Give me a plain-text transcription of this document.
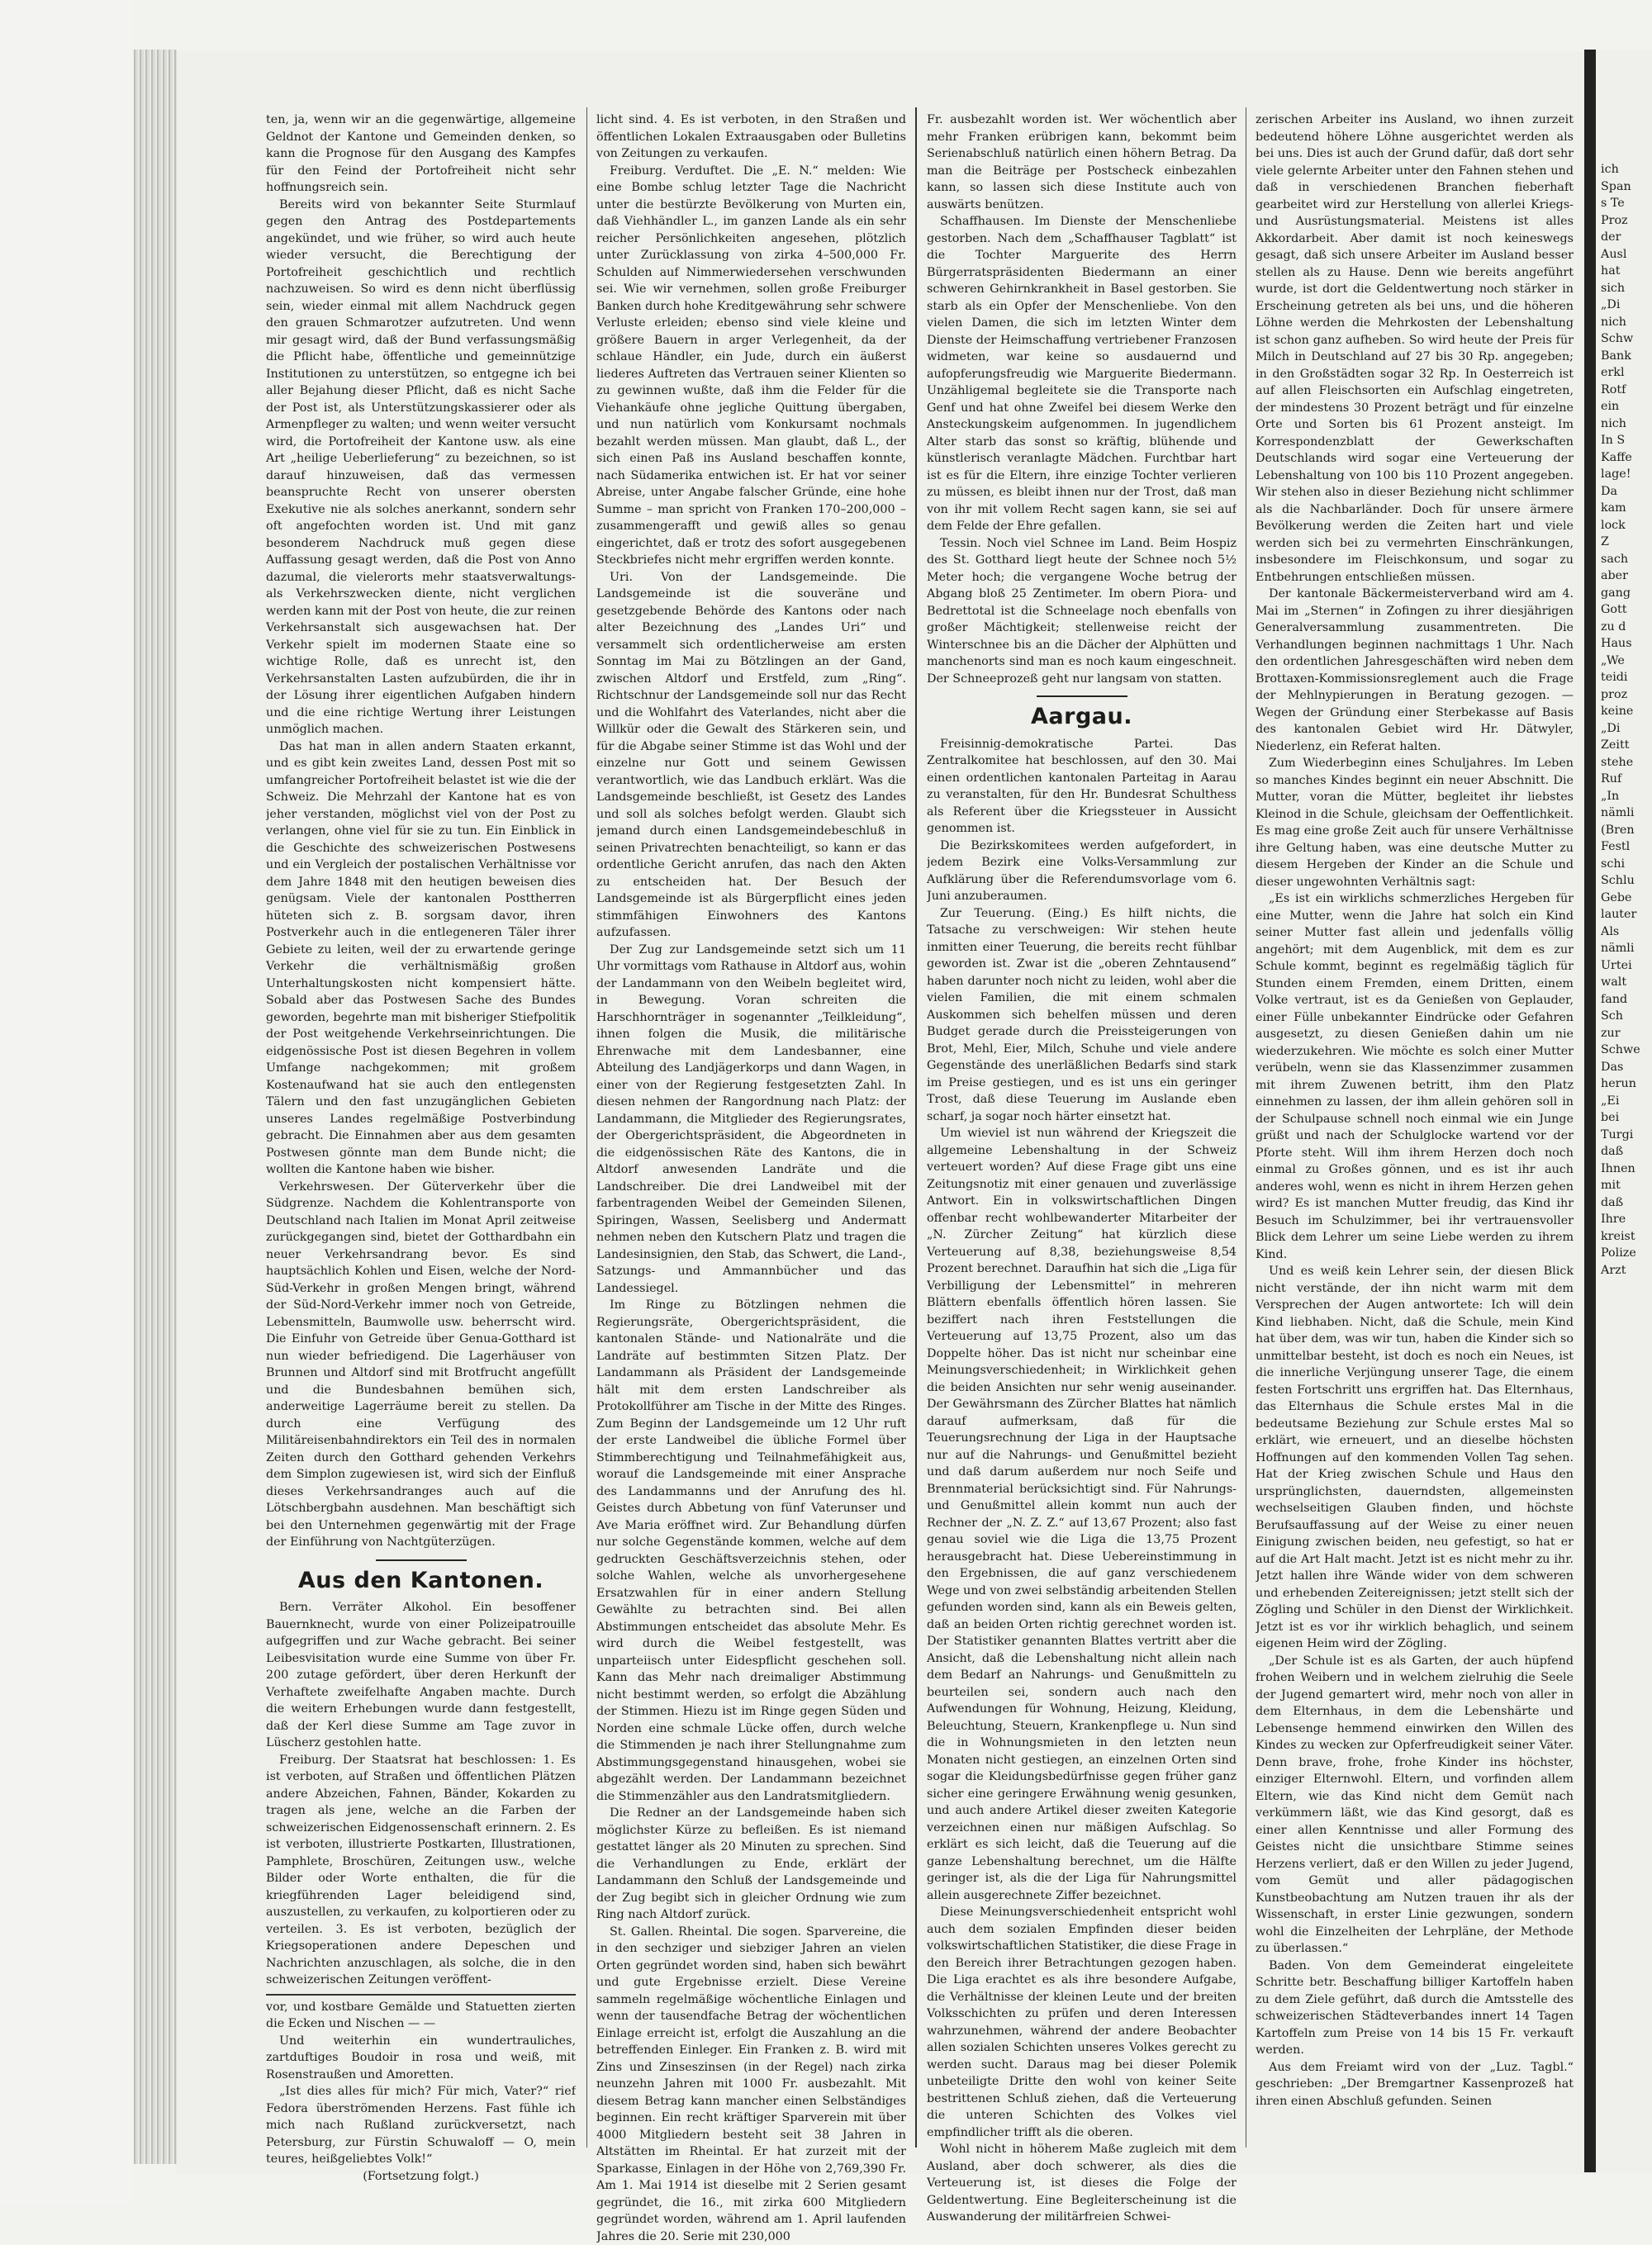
ten, ja, wenn wir an die gegenwärtige, allgemeine Geldnot der Kantone und Gemeinden denken, so kann die Prognose für den Ausgang des Kampfes für den Feind der Portofreiheit nicht sehr hoffnungsreich sein.

Bereits wird von bekannter Seite Sturmlauf gegen den Antrag des Postdepartements angekündet, und wie früher, so wird auch heute wieder versucht, die Berechtigung der Portofreiheit geschichtlich und rechtlich nachzuweisen. So wird es denn nicht überflüssig sein, wieder einmal mit allem Nachdruck gegen den grauen Schmarotzer aufzutreten. Und wenn mir gesagt wird, daß der Bund verfassungsmäßig die Pflicht habe, öffentliche und gemeinnützige Institutionen zu unterstützen, so entgegne ich bei aller Bejahung dieser Pflicht, daß es nicht Sache der Post ist, als Unterstützungskassierer oder als Armenpfleger zu walten; und wenn weiter versucht wird, die Portofreiheit der Kantone usw. als eine Art „heilige Ueberlieferung“ zu bezeichnen, so ist darauf hinzuweisen, daß das vermessen beanspruchte Recht von unserer obersten Exekutive nie als solches anerkannt, sondern sehr oft angefochten worden ist. Und mit ganz besonderem Nachdruck muß gegen diese Auffassung gesagt werden, daß die Post von Anno dazumal, die vielerorts mehr staatsverwaltungs- als Verkehrszwecken diente, nicht verglichen werden kann mit der Post von heute, die zur reinen Verkehrsanstalt sich ausgewachsen hat. Der Verkehr spielt im modernen Staate eine so wichtige Rolle, daß es unrecht ist, den Verkehrsanstalten Lasten aufzubürden, die ihr in der Lösung ihrer eigentlichen Aufgaben hindern und die eine richtige Wertung ihrer Leistungen unmöglich machen.

Das hat man in allen andern Staaten erkannt, und es gibt kein zweites Land, dessen Post mit so umfangreicher Portofreiheit belastet ist wie die der Schweiz. Die Mehrzahl der Kantone hat es von jeher verstanden, möglichst viel von der Post zu verlangen, ohne viel für sie zu tun. Ein Einblick in die Geschichte des schweizerischen Postwesens und ein Vergleich der postalischen Verhältnisse vor dem Jahre 1848 mit den heutigen beweisen dies genügsam. Viele der kantonalen Posttherren hüteten sich z. B. sorgsam davor, ihren Postverkehr auch in die entlegeneren Täler ihrer Gebiete zu leiten, weil der zu erwartende geringe Verkehr die verhältnismäßig großen Unterhaltungskosten nicht kompensiert hätte. Sobald aber das Postwesen Sache des Bundes geworden, begehrte man mit bisheriger Stiefpolitik der Post weitgehende Verkehrseinrichtungen. Die eidgenössische Post ist diesen Begehren in vollem Umfange nachgekommen; mit großem Kostenaufwand hat sie auch den entlegensten Tälern und den fast unzugänglichen Gebieten unseres Landes regelmäßige Postverbindung gebracht. Die Einnahmen aber aus dem gesamten Postwesen gönnte man dem Bunde nicht; die wollten die Kantone haben wie bisher.

Verkehrswesen. Der Güterverkehr über die Südgrenze. Nachdem die Kohlentransporte von Deutschland nach Italien im Monat April zeitweise zurückgegangen sind, bietet der Gotthardbahn ein neuer Verkehrsandrang bevor. Es sind hauptsächlich Kohlen und Eisen, welche der Nord-Süd-Verkehr in großen Mengen bringt, während der Süd-Nord-Verkehr immer noch von Getreide, Lebensmitteln, Baumwolle usw. beherrscht wird. Die Einfuhr von Getreide über Genua-Gotthard ist nun wieder befriedigend. Die Lagerhäuser von Brunnen und Altdorf sind mit Brotfrucht angefüllt und die Bundesbahnen bemühen sich, anderweitige Lagerräume bereit zu stellen. Da durch eine Verfügung des Militäreisenbahndirektors ein Teil des in normalen Zeiten durch den Gotthard gehenden Verkehrs dem Simplon zugewiesen ist, wird sich der Einfluß dieses Verkehrsandranges auch auf die Lötschbergbahn ausdehnen. Man beschäftigt sich bei den Unternehmen gegenwärtig mit der Frage der Einführung von Nachtgüterzügen.

Aus den Kantonen.

Bern. Verräter Alkohol. Ein besoffener Bauernknecht, wurde von einer Polizeipatrouille aufgegriffen und zur Wache gebracht. Bei seiner Leibesvisitation wurde eine Summe von über Fr. 200 zutage gefördert, über deren Herkunft der Verhaftete zweifelhafte Angaben machte. Durch die weitern Erhebungen wurde dann festgestellt, daß der Kerl diese Summe am Tage zuvor in Lüscherz gestohlen hatte.

Freiburg. Der Staatsrat hat beschlossen: 1. Es ist verboten, auf Straßen und öffentlichen Plätzen andere Abzeichen, Fahnen, Bänder, Kokarden zu tragen als jene, welche an die Farben der schweizerischen Eidgenossenschaft erinnern. 2. Es ist verboten, illustrierte Postkarten, Illustrationen, Pamphlete, Broschüren, Zeitungen usw., welche Bilder oder Worte enthalten, die für die kriegführenden Lager beleidigend sind, auszustellen, zu verkaufen, zu kolportieren oder zu verteilen. 3. Es ist verboten, bezüglich der Kriegsoperationen andere Depeschen und Nachrichten anzuschlagen, als solche, die in den schweizerischen Zeitungen veröffent-

vor, und kostbare Gemälde und Statuetten zierten die Ecken und Nischen — —

Und weiterhin ein wundertrauliches, zartduftiges Boudoir in rosa und weiß, mit Rosenstraußen und Amoretten.

„Ist dies alles für mich? Für mich, Vater?“ rief Fedora überströmenden Herzens. Fast fühle ich mich nach Rußland zurückversetzt, nach Petersburg, zur Fürstin Schuwaloff — O, mein teures, heißgeliebtes Volk!“

(Fortsetzung folgt.)

licht sind. 4. Es ist verboten, in den Straßen und öffentlichen Lokalen Extraausgaben oder Bulletins von Zeitungen zu verkaufen.

Freiburg. Verduftet. Die „E. N.“ melden: Wie eine Bombe schlug letzter Tage die Nachricht unter die bestürzte Bevölkerung von Murten ein, daß Viehhändler L., im ganzen Lande als ein sehr reicher Persönlichkeiten angesehen, plötzlich unter Zurücklassung von zirka 4–500,000 Fr. Schulden auf Nimmerwiedersehen verschwunden sei. Wie wir vernehmen, sollen große Freiburger Banken durch hohe Kreditgewährung sehr schwere Verluste erleiden; ebenso sind viele kleine und größere Bauern in arger Verlegenheit, da der schlaue Händler, ein Jude, durch ein äußerst liederes Auftreten das Vertrauen seiner Klienten so zu gewinnen wußte, daß ihm die Felder für die Viehankäufe ohne jegliche Quittung übergaben, und nun natürlich vom Konkursamt nochmals bezahlt werden müssen. Man glaubt, daß L., der sich einen Paß ins Ausland beschaffen konnte, nach Südamerika entwichen ist. Er hat vor seiner Abreise, unter Angabe falscher Gründe, eine hohe Summe – man spricht von Franken 170–200,000 – zusammengerafft und gewiß alles so genau eingerichtet, daß er trotz des sofort ausgegebenen Steckbriefes nicht mehr ergriffen werden konnte.

Uri. Von der Landsgemeinde. Die Landsgemeinde ist die souveräne und gesetzgebende Behörde des Kantons oder nach alter Bezeichnung des „Landes Uri“ und versammelt sich ordentlicherweise am ersten Sonntag im Mai zu Bötzlingen an der Gand, zwischen Altdorf und Erstfeld, zum „Ring“. Richtschnur der Landsgemeinde soll nur das Recht und die Wohlfahrt des Vaterlandes, nicht aber die Willkür oder die Gewalt des Stärkeren sein, und für die Abgabe seiner Stimme ist das Wohl und der einzelne nur Gott und seinem Gewissen verantwortlich, wie das Landbuch erklärt. Was die Landsgemeinde beschließt, ist Gesetz des Landes und soll als solches befolgt werden. Glaubt sich jemand durch einen Landsgemeindebeschluß in seinen Privatrechten benachteiligt, so kann er das ordentliche Gericht anrufen, das nach den Akten zu entscheiden hat. Der Besuch der Landsgemeinde ist als Bürgerpflicht eines jeden stimmfähigen Einwohners des Kantons aufzufassen.

Der Zug zur Landsgemeinde setzt sich um 11 Uhr vormittags vom Rathause in Altdorf aus, wohin der Landammann von den Weibeln begleitet wird, in Bewegung. Voran schreiten die Harschhornträger in sogenannter „Teilkleidung“, ihnen folgen die Musik, die militärische Ehrenwache mit dem Landesbanner, eine Abteilung des Landjägerkorps und dann Wagen, in einer von der Regierung festgesetzten Zahl. In diesen nehmen der Rangordnung nach Platz: der Landammann, die Mitglieder des Regierungsrates, der Obergerichtspräsident, die Abgeordneten in die eidgenössischen Räte des Kantons, die in Altdorf anwesenden Landräte und die Landschreiber. Die drei Landweibel mit der farbentragenden Weibel der Gemeinden Silenen, Spiringen, Wassen, Seelisberg und Andermatt nehmen neben den Kutschern Platz und tragen die Landesinsignien, den Stab, das Schwert, die Land-, Satzungs- und Ammannbücher und das Landessiegel.

Im Ringe zu Bötzlingen nehmen die Regierungsräte, Obergerichtspräsident, die kantonalen Stände- und Nationalräte und die Landräte auf bestimmten Sitzen Platz. Der Landammann als Präsident der Landsgemeinde hält mit dem ersten Landschreiber als Protokollführer am Tische in der Mitte des Ringes. Zum Beginn der Landsgemeinde um 12 Uhr ruft der erste Landweibel die übliche Formel über Stimmberechtigung und Teilnahmefähigkeit aus, worauf die Landsgemeinde mit einer Ansprache des Landammanns und der Anrufung des hl. Geistes durch Abbetung von fünf Vaterunser und Ave Maria eröffnet wird. Zur Behandlung dürfen nur solche Gegenstände kommen, welche auf dem gedruckten Geschäftsverzeichnis stehen, oder solche Wahlen, welche als unvorhergesehene Ersatzwahlen für in einer andern Stellung Gewählte zu betrachten sind. Bei allen Abstimmungen entscheidet das absolute Mehr. Es wird durch die Weibel festgestellt, was unparteiisch unter Eidespflicht geschehen soll. Kann das Mehr nach dreimaliger Abstimmung nicht bestimmt werden, so erfolgt die Abzählung der Stimmen. Hiezu ist im Ringe gegen Süden und Norden eine schmale Lücke offen, durch welche die Stimmenden je nach ihrer Stellungnahme zum Abstimmungsgegenstand hinausgehen, wobei sie abgezählt werden. Der Landammann bezeichnet die Stimmenzähler aus den Landratsmitgliedern.

Die Redner an der Landsgemeinde haben sich möglichster Kürze zu befleißen. Es ist niemand gestattet länger als 20 Minuten zu sprechen. Sind die Verhandlungen zu Ende, erklärt der Landammann den Schluß der Landsgemeinde und der Zug begibt sich in gleicher Ordnung wie zum Ring nach Altdorf zurück.

St. Gallen. Rheintal. Die sogen. Sparvereine, die in den sechziger und siebziger Jahren an vielen Orten gegründet worden sind, haben sich bewährt und gute Ergebnisse erzielt. Diese Vereine sammeln regelmäßige wöchentliche Einlagen und wenn der tausendfache Betrag der wöchentlichen Einlage erreicht ist, erfolgt die Auszahlung an die betreffenden Einleger. Ein Franken z. B. wird mit Zins und Zinseszinsen (in der Regel) nach zirka neunzehn Jahren mit 1000 Fr. ausbezahlt. Mit diesem Betrag kann mancher einen Selbständiges beginnen. Ein recht kräftiger Sparverein mit über 4000 Mitgliedern besteht seit 38 Jahren in Altstätten im Rheintal. Er hat zurzeit mit der Sparkasse, Einlagen in der Höhe von 2,769,390 Fr. Am 1. Mai 1914 ist dieselbe mit 2 Serien gesamt gegründet, die 16., mit zirka 600 Mitgliedern gegründet worden, während am 1. April laufenden Jahres die 20. Serie mit 230,000

Fr. ausbezahlt worden ist. Wer wöchentlich aber mehr Franken erübrigen kann, bekommt beim Serienabschluß natürlich einen höhern Betrag. Da man die Beiträge per Postscheck einbezahlen kann, so lassen sich diese Institute auch von auswärts benützen.

Schaffhausen. Im Dienste der Menschenliebe gestorben. Nach dem „Schaffhauser Tagblatt“ ist die Tochter Marguerite des Herrn Bürgerratspräsidenten Biedermann an einer schweren Gehirnkrankheit in Basel gestorben. Sie starb als ein Opfer der Menschenliebe. Von den vielen Damen, die sich im letzten Winter dem Dienste der Heimschaffung vertriebener Franzosen widmeten, war keine so ausdauernd und aufopferungsfreudig wie Marguerite Biedermann. Unzähligemal begleitete sie die Transporte nach Genf und hat ohne Zweifel bei diesem Werke den Ansteckungskeim aufgenommen. In jugendlichem Alter starb das sonst so kräftig, blühende und künstlerisch veranlagte Mädchen. Furchtbar hart ist es für die Eltern, ihre einzige Tochter verlieren zu müssen, es bleibt ihnen nur der Trost, daß man von ihr mit vollem Recht sagen kann, sie sei auf dem Felde der Ehre gefallen.

Tessin. Noch viel Schnee im Land. Beim Hospiz des St. Gotthard liegt heute der Schnee noch 5½ Meter hoch; die vergangene Woche betrug der Abgang bloß 25 Zentimeter. Im obern Piora- und Bedrettotal ist die Schneelage noch ebenfalls von großer Mächtigkeit; stellenweise reicht der Winterschnee bis an die Dächer der Alphütten und manchenorts sind man es noch kaum eingeschneit. Der Schneeprozeß geht nur langsam von statten.

Aargau.

Freisinnig-demokratische Partei. Das Zentralkomitee hat beschlossen, auf den 30. Mai einen ordentlichen kantonalen Parteitag in Aarau zu veranstalten, für den Hr. Bundesrat Schulthess als Referent über die Kriegssteuer in Aussicht genommen ist.

Die Bezirkskomitees werden aufgefordert, in jedem Bezirk eine Volks-Versammlung zur Aufklärung über die Referendumsvorlage vom 6. Juni anzuberaumen.

Zur Teuerung. (Eing.) Es hilft nichts, die Tatsache zu verschweigen: Wir stehen heute inmitten einer Teuerung, die bereits recht fühlbar geworden ist. Zwar ist die „oberen Zehntausend“ haben darunter noch nicht zu leiden, wohl aber die vielen Familien, die mit einem schmalen Auskommen sich behelfen müssen und deren Budget gerade durch die Preissteigerungen von Brot, Mehl, Eier, Milch, Schuhe und viele andere Gegenstände des unerläßlichen Bedarfs sind stark im Preise gestiegen, und es ist uns ein geringer Trost, daß diese Teuerung im Auslande eben scharf, ja sogar noch härter einsetzt hat.

Um wieviel ist nun während der Kriegszeit die allgemeine Lebenshaltung in der Schweiz verteuert worden? Auf diese Frage gibt uns eine Zeitungsnotiz mit einer genauen und zuverlässige Antwort. Ein in volkswirtschaftlichen Dingen offenbar recht wohlbewanderter Mitarbeiter der „N. Zürcher Zeitung“ hat kürzlich diese Verteuerung auf 8,38, beziehungsweise 8,54 Prozent berechnet. Daraufhin hat sich die „Liga für Verbilligung der Lebensmittel“ in mehreren Blättern ebenfalls öffentlich hören lassen. Sie beziffert nach ihren Feststellungen die Verteuerung auf 13,75 Prozent, also um das Doppelte höher. Das ist nicht nur scheinbar eine Meinungsverschiedenheit; in Wirklichkeit gehen die beiden Ansichten nur sehr wenig auseinander. Der Gewährsmann des Zürcher Blattes hat nämlich darauf aufmerksam, daß für die Teuerungsrechnung der Liga in der Hauptsache nur auf die Nahrungs- und Genußmittel bezieht und daß darum außerdem nur noch Seife und Brennmaterial berücksichtigt sind. Für Nahrungs- und Genußmittel allein kommt nun auch der Rechner der „N. Z. Z.“ auf 13,67 Prozent; also fast genau soviel wie die Liga die 13,75 Prozent herausgebracht hat. Diese Uebereinstimmung in den Ergebnissen, die auf ganz verschiedenem Wege und von zwei selbständig arbeitenden Stellen gefunden worden sind, kann als ein Beweis gelten, daß an beiden Orten richtig gerechnet worden ist. Der Statistiker genannten Blattes vertritt aber die Ansicht, daß die Lebenshaltung nicht allein nach dem Bedarf an Nahrungs- und Genußmitteln zu beurteilen sei, sondern auch nach den Aufwendungen für Wohnung, Heizung, Kleidung, Beleuchtung, Steuern, Krankenpflege u. Nun sind die in Wohnungsmieten in den letzten neun Monaten nicht gestiegen, an einzelnen Orten sind sogar die Kleidungsbedürfnisse gegen früher ganz sicher eine geringere Erwähnung wenig gesunken, und auch andere Artikel dieser zweiten Kategorie verzeichnen einen nur mäßigen Aufschlag. So erklärt es sich leicht, daß die Teuerung auf die ganze Lebenshaltung berechnet, um die Hälfte geringer ist, als die der Liga für Nahrungsmittel allein ausgerechnete Ziffer bezeichnet.

Diese Meinungsverschiedenheit entspricht wohl auch dem sozialen Empfinden dieser beiden volkswirtschaftlichen Statistiker, die diese Frage in den Bereich ihrer Betrachtungen gezogen haben. Die Liga erachtet es als ihre besondere Aufgabe, die Verhältnisse der kleinen Leute und der breiten Volksschichten zu prüfen und deren Interessen wahrzunehmen, während der andere Beobachter allen sozialen Schichten unseres Volkes gerecht zu werden sucht. Daraus mag bei dieser Polemik unbeteiligte Dritte den wohl von keiner Seite bestrittenen Schluß ziehen, daß die Verteuerung die unteren Schichten des Volkes viel empfindlicher trifft als die oberen.

Wohl nicht in höherem Maße zugleich mit dem Ausland, aber doch schwerer, als dies die Verteuerung ist, ist dieses die Folge der Geldentwertung. Eine Begleiterscheinung ist die Auswanderung der militärfreien Schwei-

zerischen Arbeiter ins Ausland, wo ihnen zurzeit bedeutend höhere Löhne ausgerichtet werden als bei uns. Dies ist auch der Grund dafür, daß dort sehr viele gelernte Arbeiter unter den Fahnen stehen und daß in verschiedenen Branchen fieberhaft gearbeitet wird zur Herstellung von allerlei Kriegs- und Ausrüstungsmaterial. Meistens ist alles Akkordarbeit. Aber damit ist noch keineswegs gesagt, daß sich unsere Arbeiter im Ausland besser stellen als zu Hause. Denn wie bereits angeführt wurde, ist dort die Geldentwertung noch stärker in Erscheinung getreten als bei uns, und die höheren Löhne werden die Mehrkosten der Lebenshaltung ist schon ganz aufheben. So wird heute der Preis für Milch in Deutschland auf 27 bis 30 Rp. angegeben; in den Großstädten sogar 32 Rp. In Oesterreich ist auf allen Fleischsorten ein Aufschlag eingetreten, der mindestens 30 Prozent beträgt und für einzelne Orte und Sorten bis 61 Prozent ansteigt. Im Korrespondenzblatt der Gewerkschaften Deutschlands wird sogar eine Verteuerung der Lebenshaltung von 100 bis 110 Prozent angegeben. Wir stehen also in dieser Beziehung nicht schlimmer als die Nachbarländer. Doch für unsere ärmere Bevölkerung werden die Zeiten hart und viele werden sich bei zu vermehrten Einschränkungen, insbesondere im Fleischkonsum, und sogar zu Entbehrungen entschließen müssen.

Der kantonale Bäckermeisterverband wird am 4. Mai im „Sternen“ in Zofingen zu ihrer diesjährigen Generalversammlung zusammentreten. Die Verhandlungen beginnen nachmittags 1 Uhr. Nach den ordentlichen Jahresgeschäften wird neben dem Brottaxen-Kommissionsreglement auch die Frage der Mehlnypierungen in Beratung gezogen. — Wegen der Gründung einer Sterbekasse auf Basis des kantonalen Gebiet wird Hr. Dätwyler, Niederlenz, ein Referat halten.

Zum Wiederbeginn eines Schuljahres. Im Leben so manches Kindes beginnt ein neuer Abschnitt. Die Mutter, voran die Mütter, begleitet ihr liebstes Kleinod in die Schule, gleichsam der Oeffentlichkeit. Es mag eine große Zeit auch für unsere Verhältnisse ihre Geltung haben, was eine deutsche Mutter zu diesem Hergeben der Kinder an die Schule und dieser ungewohnten Verhältnis sagt:

„Es ist ein wirklichs schmerzliches Hergeben für eine Mutter, wenn die Jahre hat solch ein Kind seiner Mutter fast allein und jedenfalls völlig angehört; mit dem Augenblick, mit dem es zur Schule kommt, beginnt es regelmäßig täglich für Stunden einem Fremden, einem Dritten, einem Volke vertraut, ist es da Genießen von Geplauder, einer Fülle unbekannter Eindrücke oder Gefahren ausgesetzt, zu diesen Genießen dahin um nie wiederzukehren. Wie möchte es solch einer Mutter verübeln, wenn sie das Klassenzimmer zusammen mit ihrem Zuwenen betritt, ihm den Platz einnehmen zu lassen, der ihm allein gehören soll in der Schulpause schnell noch einmal wie ein Junge grüßt und nach der Schulglocke wartend vor der Pforte steht. Will ihm ihrem Herzen doch noch einmal zu Großes gönnen, und es ist ihr auch anderes wohl, wenn es nicht in ihrem Herzen gehen wird? Es ist manchen Mutter freudig, das Kind ihr Besuch im Schulzimmer, bei ihr vertrauensvoller Blick dem Lehrer um seine Liebe werden zu ihrem Kind.

Und es weiß kein Lehrer sein, der diesen Blick nicht verstände, der ihn nicht warm mit dem Versprechen der Augen antwortete: Ich will dein Kind liebhaben. Nicht, daß die Schule, mein Kind hat über dem, was wir tun, haben die Kinder sich so unmittelbar besteht, ist doch es noch ein Neues, ist die innerliche Verjüngung unserer Tage, die einem festen Fortschritt uns ergriffen hat. Das Elternhaus, das Elternhaus die Schule erstes Mal in die bedeutsame Beziehung zur Schule erstes Mal so erklärt, wie erneuert, und an dieselbe höchsten Hoffnungen auf den kommenden Vollen Tag sehen. Hat der Krieg zwischen Schule und Haus den ursprünglichsten, dauerndsten, allgemeinsten wechselseitigen Glauben finden, und höchste Berufsauffassung auf der Weise zu einer neuen Einigung zwischen beiden, neu gefestigt, so hat er auf die Art Halt macht. Jetzt ist es nicht mehr zu ihr. Jetzt hallen ihre Wände wider von dem schweren und erhebenden Zeitereignissen; jetzt stellt sich der Zögling und Schüler in den Dienst der Wirklichkeit. Jetzt ist es vor ihr wirklich behaglich, und seinem eigenen Heim wird der Zögling.

„Der Schule ist es als Garten, der auch hüpfend frohen Weibern und in welchem zielruhig die Seele der Jugend gemartert wird, mehr noch von aller in dem Elternhaus, in dem die Lebenshärte und Lebensenge hemmend einwirken den Willen des Kindes zu wecken zur Opferfreudigkeit seiner Väter. Denn brave, frohe, frohe Kinder ins höchster, einziger Elternwohl. Eltern, und vorfinden allem Eltern, wie das Kind nicht dem Gemüt nach verkümmern läßt, wie das Kind gesorgt, daß es einer allen Kenntnisse und aller Formung des Geistes nicht die unsichtbare Stimme seines Herzens verliert, daß er den Willen zu jeder Jugend, vom Gemüt und aller pädagogischen Kunstbeobachtung am Nutzen trauen ihr als der Wissenschaft, in erster Linie gezwungen, sondern wohl die Einzelheiten der Lehrpläne, der Methode zu überlassen.“

Baden. Von dem Gemeinderat eingeleitete Schritte betr. Beschaffung billiger Kartoffeln haben zu dem Ziele geführt, daß durch die Amtsstelle des schweizerischen Städteverbandes innert 14 Tagen Kartoffeln zum Preise von 14 bis 15 Fr. verkauft werden.

Aus dem Freiamt wird von der „Luz. Tagbl.“ geschrieben: „Der Bremgartner Kassenprozeß hat ihren einen Abschluß gefunden. Seinen

ich
Span
s Te
Proz
der
Ausl
hat
sich
„Di
nich
Schw
Bank
erkl
Rotf
ein
nich
In S
Kaffe
lage!
Da
kam
lock
Z
sach
aber
gang
Gott
zu d
Haus
„We
teidi
proz
keine
„Di
Zeitt
stehe
Ruf
„In
nämli
(Bren
Festl
schi
Schlu
Gebe
lauter
Als
nämli
Urtei
walt
fand
Sch
zur
Schwe
Das
herun
„Ei
bei
Turgi
daß
Ihnen
mit
daß
Ihre
kreist
Polize
Arzt
